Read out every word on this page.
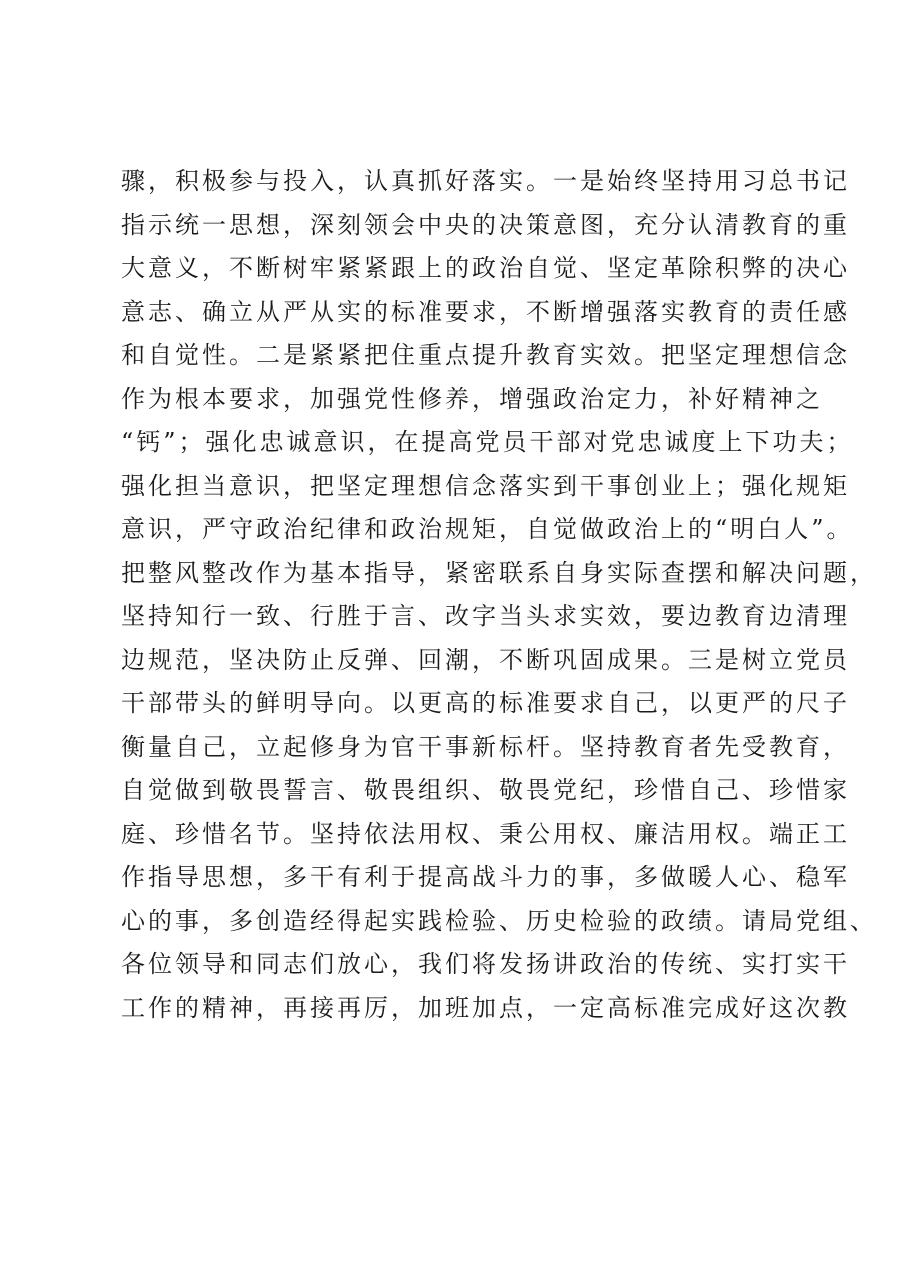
骤，积极参与投入，认真抓好落实。一是始终坚持用习总书记
指示统一思想，深刻领会中央的决策意图，充分认清教育的重
大意义，不断树牢紧紧跟上的政治自觉、坚定革除积弊的决心
意志、确立从严从实的标准要求，不断增强落实教育的责任感
和自觉性。二是紧紧把住重点提升教育实效。把坚定理想信念
作为根本要求，加强党性修养，增强政治定力，补好精神之
“钙”；强化忠诚意识，在提高党员干部对党忠诚度上下功夫；
强化担当意识，把坚定理想信念落实到干事创业上；强化规矩
意识，严守政治纪律和政治规矩，自觉做政治上的“明白人”。
把整风整改作为基本指导，紧密联系自身实际查摆和解决问题，
坚持知行一致、行胜于言、改字当头求实效，要边教育边清理
边规范，坚决防止反弹、回潮，不断巩固成果。三是树立党员
干部带头的鲜明导向。以更高的标准要求自己，以更严的尺子
衡量自己，立起修身为官干事新标杆。坚持教育者先受教育，
自觉做到敬畏誓言、敬畏组织、敬畏党纪，珍惜自己、珍惜家
庭、珍惜名节。坚持依法用权、秉公用权、廉洁用权。端正工
作指导思想，多干有利于提高战斗力的事，多做暖人心、稳军
心的事，多创造经得起实践检验、历史检验的政绩。请局党组、
各位领导和同志们放心，我们将发扬讲政治的传统、实打实干
工作的精神，再接再厉，加班加点，一定高标准完成好这次教
